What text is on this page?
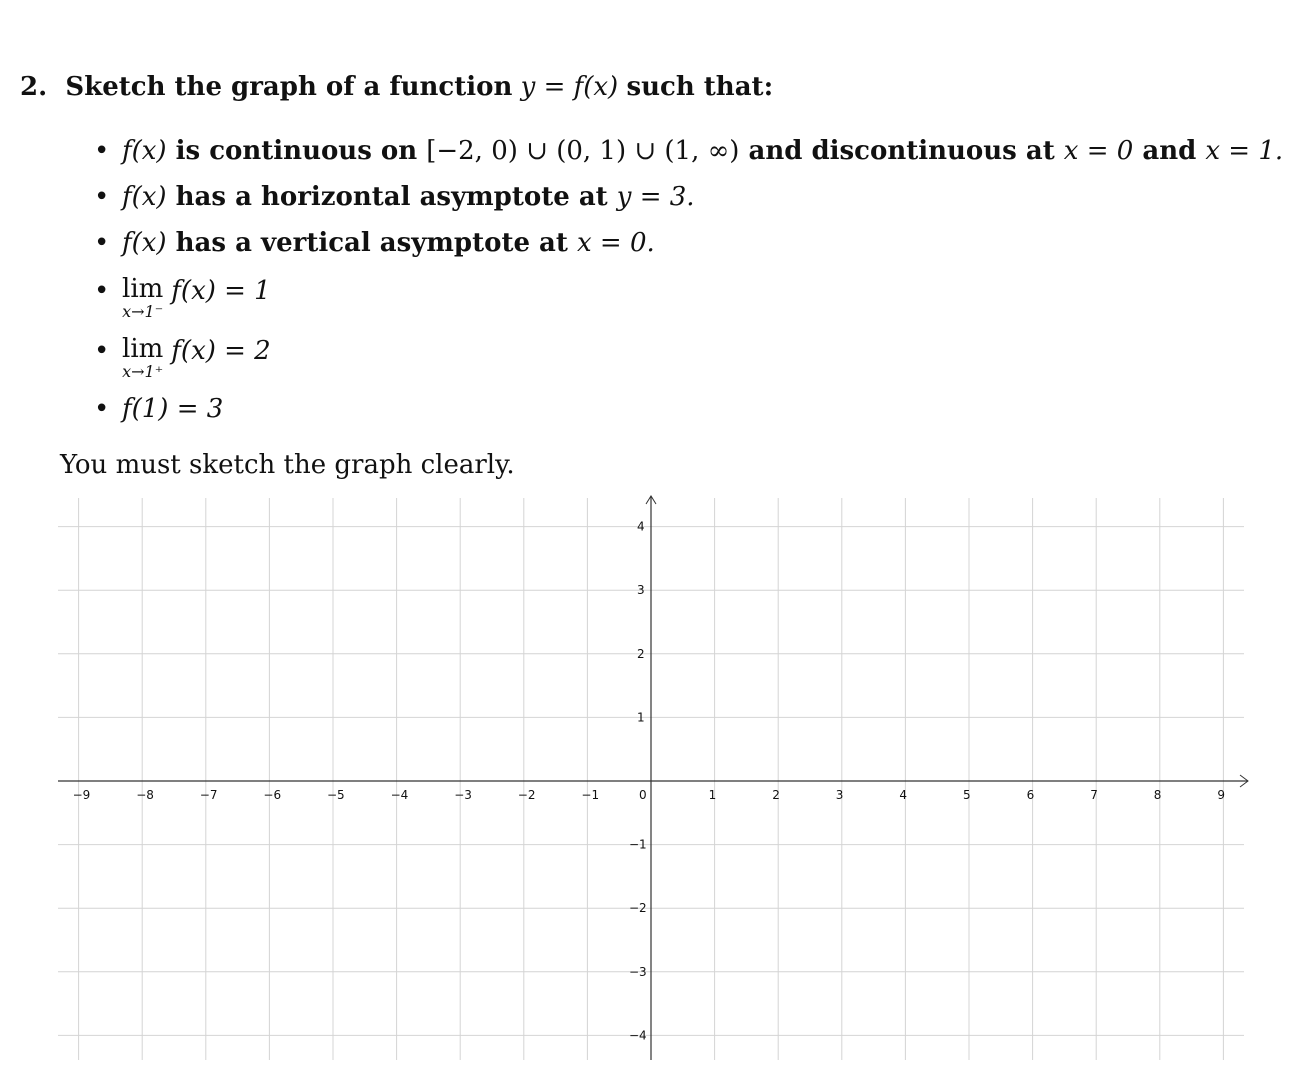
2. Sketch the graph of a function y = f(x) such that:
• f(x) is continuous on [−2, 0) ∪ (0, 1) ∪ (1, ∞) and discontinuous at x = 0 and x = 1.
• f(x) has a horizontal asymptote at y = 3.
• f(x) has a vertical asymptote at x = 0.
• lim
x→1⁻
f(x) = 1
• lim
x→1⁺
f(x) = 2
• f(1) = 3
You must sketch the graph clearly.
−9	−8	−7	−6	−5	−4	−3	−2	−1	0	1	2	3	4	5	6	7	8	9
4
3
2
1
−1
−2
−3
−4
